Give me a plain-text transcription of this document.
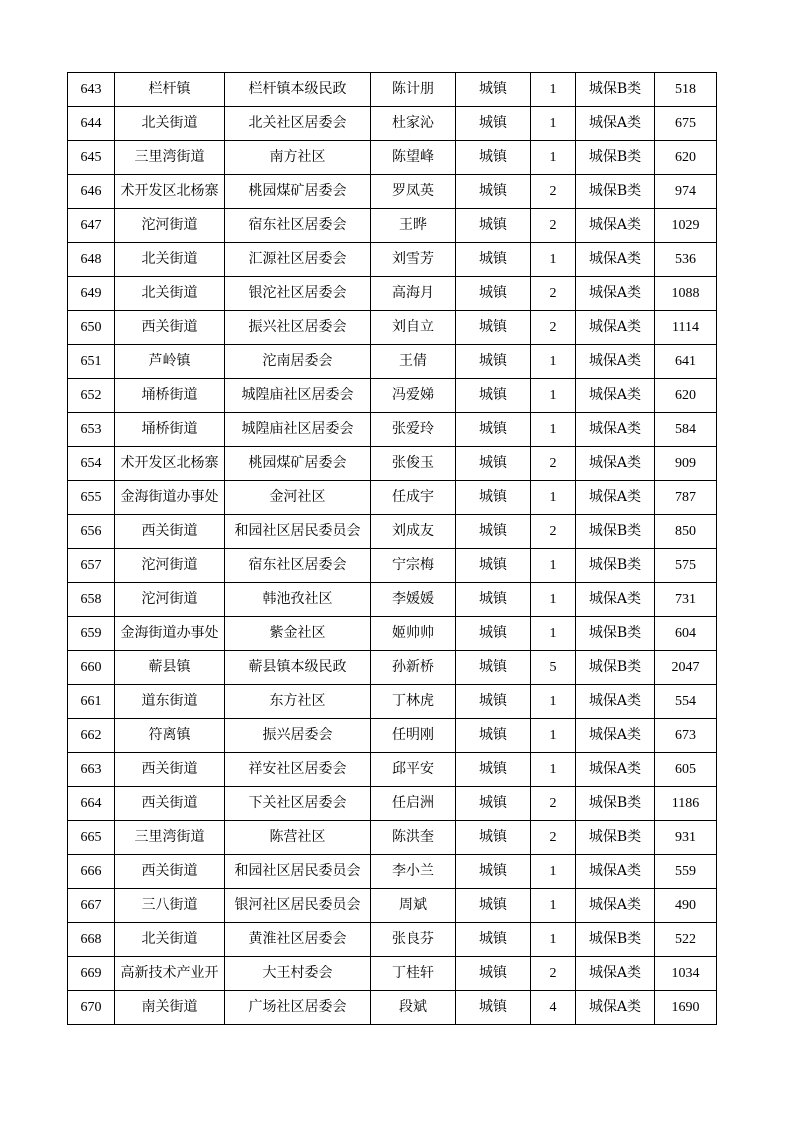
643	栏杆镇	栏杆镇本级民政	陈计朋	城镇	1	城保B类	518
644	北关街道	北关社区居委会	杜家沁	城镇	1	城保A类	675
645	三里湾街道	南方社区	陈望峰	城镇	1	城保B类	620
646	术开发区北杨寨	桃园煤矿居委会	罗凤英	城镇	2	城保B类	974
647	沱河街道	宿东社区居委会	王晔	城镇	2	城保A类	1029
648	北关街道	汇源社区居委会	刘雪芳	城镇	1	城保A类	536
649	北关街道	银沱社区居委会	高海月	城镇	2	城保A类	1088
650	西关街道	振兴社区居委会	刘自立	城镇	2	城保A类	1114
651	芦岭镇	沱南居委会	王倩	城镇	1	城保A类	641
652	埇桥街道	城隍庙社区居委会	冯爱娣	城镇	1	城保A类	620
653	埇桥街道	城隍庙社区居委会	张爱玲	城镇	1	城保A类	584
654	术开发区北杨寨	桃园煤矿居委会	张俊玉	城镇	2	城保A类	909
655	金海街道办事处	金河社区	任成宇	城镇	1	城保A类	787
656	西关街道	和园社区居民委员会	刘成友	城镇	2	城保B类	850
657	沱河街道	宿东社区居委会	宁宗梅	城镇	1	城保B类	575
658	沱河街道	韩池孜社区	李媛媛	城镇	1	城保A类	731
659	金海街道办事处	紫金社区	姬帅帅	城镇	1	城保B类	604
660	蕲县镇	蕲县镇本级民政	孙新桥	城镇	5	城保B类	2047
661	道东街道	东方社区	丁林虎	城镇	1	城保A类	554
662	符离镇	振兴居委会	任明刚	城镇	1	城保A类	673
663	西关街道	祥安社区居委会	邱平安	城镇	1	城保A类	605
664	西关街道	下关社区居委会	任启洲	城镇	2	城保B类	1186
665	三里湾街道	陈营社区	陈洪奎	城镇	2	城保B类	931
666	西关街道	和园社区居民委员会	李小兰	城镇	1	城保A类	559
667	三八街道	银河社区居民委员会	周斌	城镇	1	城保A类	490
668	北关街道	黄淮社区居委会	张良芬	城镇	1	城保B类	522
669	高新技术产业开	大王村委会	丁桂轩	城镇	2	城保A类	1034
670	南关街道	广场社区居委会	段斌	城镇	4	城保A类	1690
